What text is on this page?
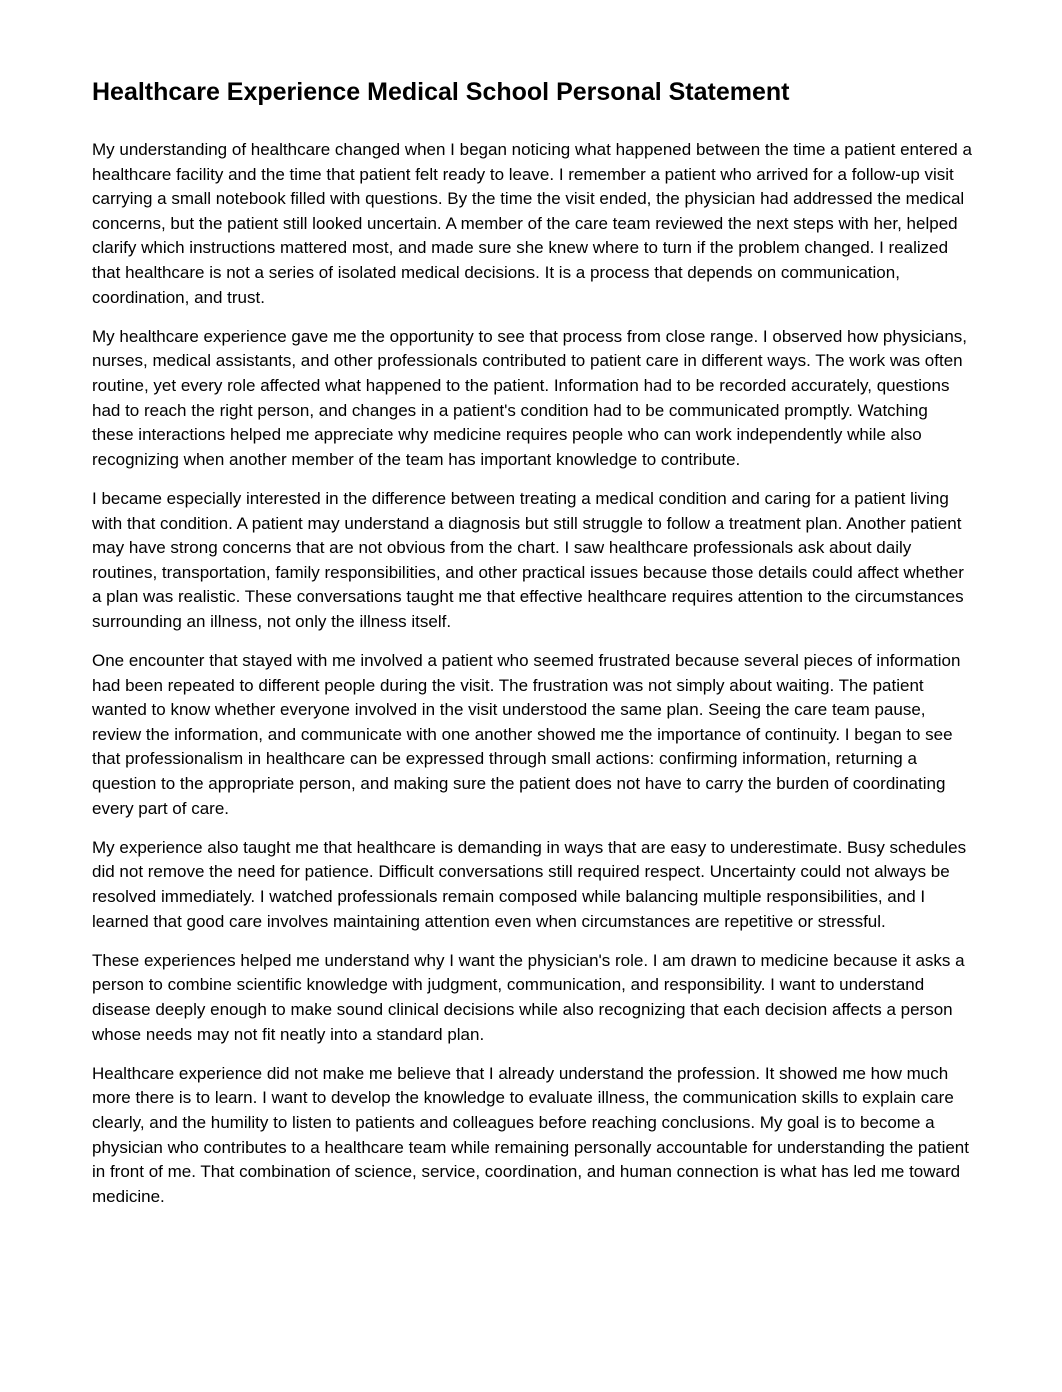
Healthcare Experience Medical School Personal Statement

My understanding of healthcare changed when I began noticing what happened between the time a patient entered a healthcare facility and the time that patient felt ready to leave. I remember a patient who arrived for a follow-up visit carrying a small notebook filled with questions. By the time the visit ended, the physician had addressed the medical concerns, but the patient still looked uncertain. A member of the care team reviewed the next steps with her, helped clarify which instructions mattered most, and made sure she knew where to turn if the problem changed. I realized that healthcare is not a series of isolated medical decisions. It is a process that depends on communication, coordination, and trust.

My healthcare experience gave me the opportunity to see that process from close range. I observed how physicians, nurses, medical assistants, and other professionals contributed to patient care in different ways. The work was often routine, yet every role affected what happened to the patient. Information had to be recorded accurately, questions had to reach the right person, and changes in a patient's condition had to be communicated promptly. Watching these interactions helped me appreciate why medicine requires people who can work independently while also recognizing when another member of the team has important knowledge to contribute.

I became especially interested in the difference between treating a medical condition and caring for a patient living with that condition. A patient may understand a diagnosis but still struggle to follow a treatment plan. Another patient may have strong concerns that are not obvious from the chart. I saw healthcare professionals ask about daily routines, transportation, family responsibilities, and other practical issues because those details could affect whether a plan was realistic. These conversations taught me that effective healthcare requires attention to the circumstances surrounding an illness, not only the illness itself.

One encounter that stayed with me involved a patient who seemed frustrated because several pieces of information had been repeated to different people during the visit. The frustration was not simply about waiting. The patient wanted to know whether everyone involved in the visit understood the same plan. Seeing the care team pause, review the information, and communicate with one another showed me the importance of continuity. I began to see that professionalism in healthcare can be expressed through small actions: confirming information, returning a question to the appropriate person, and making sure the patient does not have to carry the burden of coordinating every part of care.

My experience also taught me that healthcare is demanding in ways that are easy to underestimate. Busy schedules did not remove the need for patience. Difficult conversations still required respect. Uncertainty could not always be resolved immediately. I watched professionals remain composed while balancing multiple responsibilities, and I learned that good care involves maintaining attention even when circumstances are repetitive or stressful.

These experiences helped me understand why I want the physician's role. I am drawn to medicine because it asks a person to combine scientific knowledge with judgment, communication, and responsibility. I want to understand disease deeply enough to make sound clinical decisions while also recognizing that each decision affects a person whose needs may not fit neatly into a standard plan.

Healthcare experience did not make me believe that I already understand the profession. It showed me how much more there is to learn. I want to develop the knowledge to evaluate illness, the communication skills to explain care clearly, and the humility to listen to patients and colleagues before reaching conclusions. My goal is to become a physician who contributes to a healthcare team while remaining personally accountable for understanding the patient in front of me. That combination of science, service, coordination, and human connection is what has led me toward medicine.
